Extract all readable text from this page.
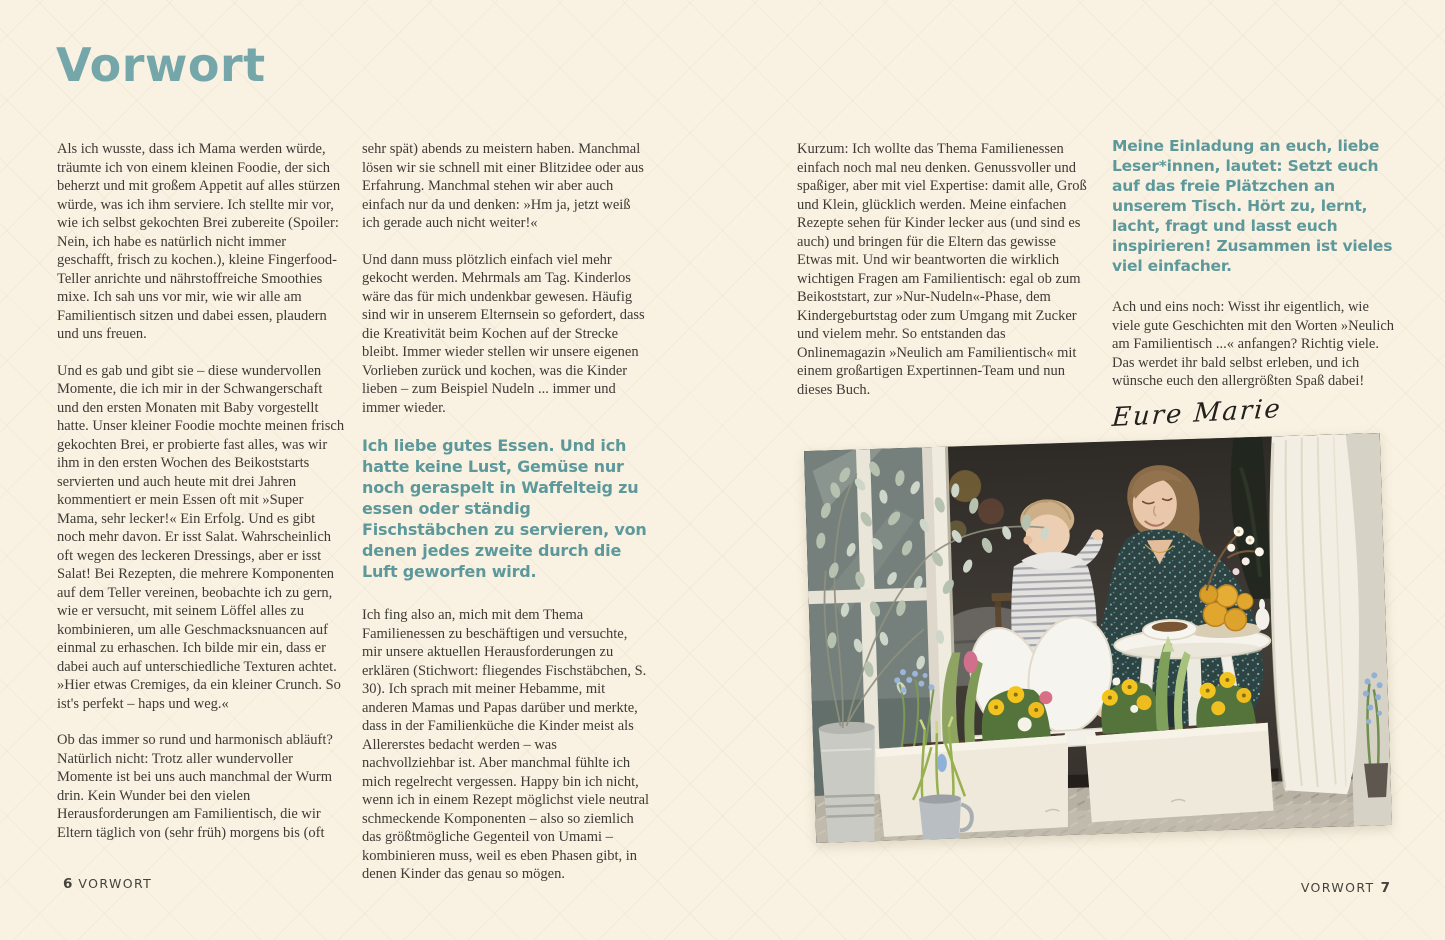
Vorwort

Als ich wusste, dass ich Mama werden würde, träumte ich von einem kleinen Foodie, der sich beherzt und mit großem Appetit auf alles stürzen würde, was ich ihm serviere. Ich stellte mir vor, wie ich selbst gekochten Brei zubereite (Spoiler: Nein, ich habe es natürlich nicht immer geschafft, frisch zu kochen.), kleine Fingerfood-Teller anrichte und nährstoffreiche Smoothies mixe. Ich sah uns vor mir, wie wir alle am Familientisch sitzen und dabei essen, plaudern und uns freuen.

Und es gab und gibt sie – diese wundervollen Momente, die ich mir in der Schwangerschaft und den ersten Monaten mit Baby vorgestellt hatte. Unser kleiner Foodie mochte meinen frisch gekochten Brei, er probierte fast alles, was wir ihm in den ersten Wochen des Beikoststarts servierten und auch heute mit drei Jahren kommentiert er mein Essen oft mit »Super Mama, sehr lecker!« Ein Erfolg. Und es gibt noch mehr davon. Er isst Salat. Wahrscheinlich oft wegen des leckeren Dressings, aber er isst Salat! Bei Rezepten, die mehrere Komponenten auf dem Teller vereinen, beobachte ich zu gern, wie er versucht, mit seinem Löffel alles zu kombinieren, um alle Geschmacksnuancen auf einmal zu erhaschen. Ich bilde mir ein, dass er dabei auch auf unterschiedliche Texturen achtet. »Hier etwas Cremiges, da ein kleiner Crunch. So ist's perfekt – haps und weg.«

Ob das immer so rund und harmonisch abläuft? Natürlich nicht: Trotz aller wundervoller Momente ist bei uns auch manchmal der Wurm drin. Kein Wunder bei den vielen Herausforderungen am Familientisch, die wir Eltern täglich von (sehr früh) morgens bis (oft

sehr spät) abends zu meistern haben. Manchmal lösen wir sie schnell mit einer Blitzidee oder aus Erfahrung. Manchmal stehen wir aber auch einfach nur da und denken: »Hm ja, jetzt weiß ich gerade auch nicht weiter!«

Und dann muss plötzlich einfach viel mehr gekocht werden. Mehrmals am Tag. Kinderlos wäre das für mich undenkbar gewesen. Häufig sind wir in unserem Elternsein so gefordert, dass die Kreativität beim Kochen auf der Strecke bleibt. Immer wieder stellen wir unsere eigenen Vorlieben zurück und kochen, was die Kinder lieben – zum Beispiel Nudeln ... immer und immer wieder.

Ich liebe gutes Essen. Und ich hatte keine Lust, Gemüse nur noch geraspelt in Waffelteig zu essen oder ständig Fischstäbchen zu servieren, von denen jedes zweite durch die Luft geworfen wird.

Ich fing also an, mich mit dem Thema Familienessen zu beschäftigen und versuchte, mir unsere aktuellen Herausforderungen zu erklären (Stichwort: fliegendes Fischstäbchen, S. 30). Ich sprach mit meiner Hebamme, mit anderen Mamas und Papas darüber und merkte, dass in der Familienküche die Kinder meist als Allererstes bedacht werden – was nachvollziehbar ist. Aber manchmal fühlte ich mich regelrecht vergessen. Happy bin ich nicht, wenn ich in einem Rezept möglichst viele neutral schmeckende Komponenten – also so ziemlich das größtmögliche Gegenteil von Umami – kombinieren muss, weil es eben Phasen gibt, in denen Kinder das genau so mögen.

Kurzum: Ich wollte das Thema Familienessen einfach noch mal neu denken. Genussvoller und spaßiger, aber mit viel Expertise: damit alle, Groß und Klein, glücklich werden. Meine einfachen Rezepte sehen für Kinder lecker aus (und sind es auch) und bringen für die Eltern das gewisse Etwas mit. Und wir beantworten die wirklich wichtigen Fragen am Familientisch: egal ob zum Beikoststart, zur »Nur-Nudeln«-Phase, dem Kindergeburtstag oder zum Umgang mit Zucker und vielem mehr. So entstanden das Onlinemagazin »Neulich am Familientisch« mit einem großartigen Expertinnen-Team und nun dieses Buch.

Meine Einladung an euch, liebe Leser*innen, lautet: Setzt euch auf das freie Plätzchen an unserem Tisch. Hört zu, lernt, lacht, fragt und lasst euch inspirieren! Zusammen ist vieles viel einfacher.

Ach und eins noch: Wisst ihr eigentlich, wie viele gute Geschichten mit den Worten »Neulich am Familientisch ...« anfangen? Richtig viele. Das werdet ihr bald selbst erleben, und ich wünsche euch den allergrößten Spaß dabei!

Eure Marie
6 VORWORT	VORWORT 7
